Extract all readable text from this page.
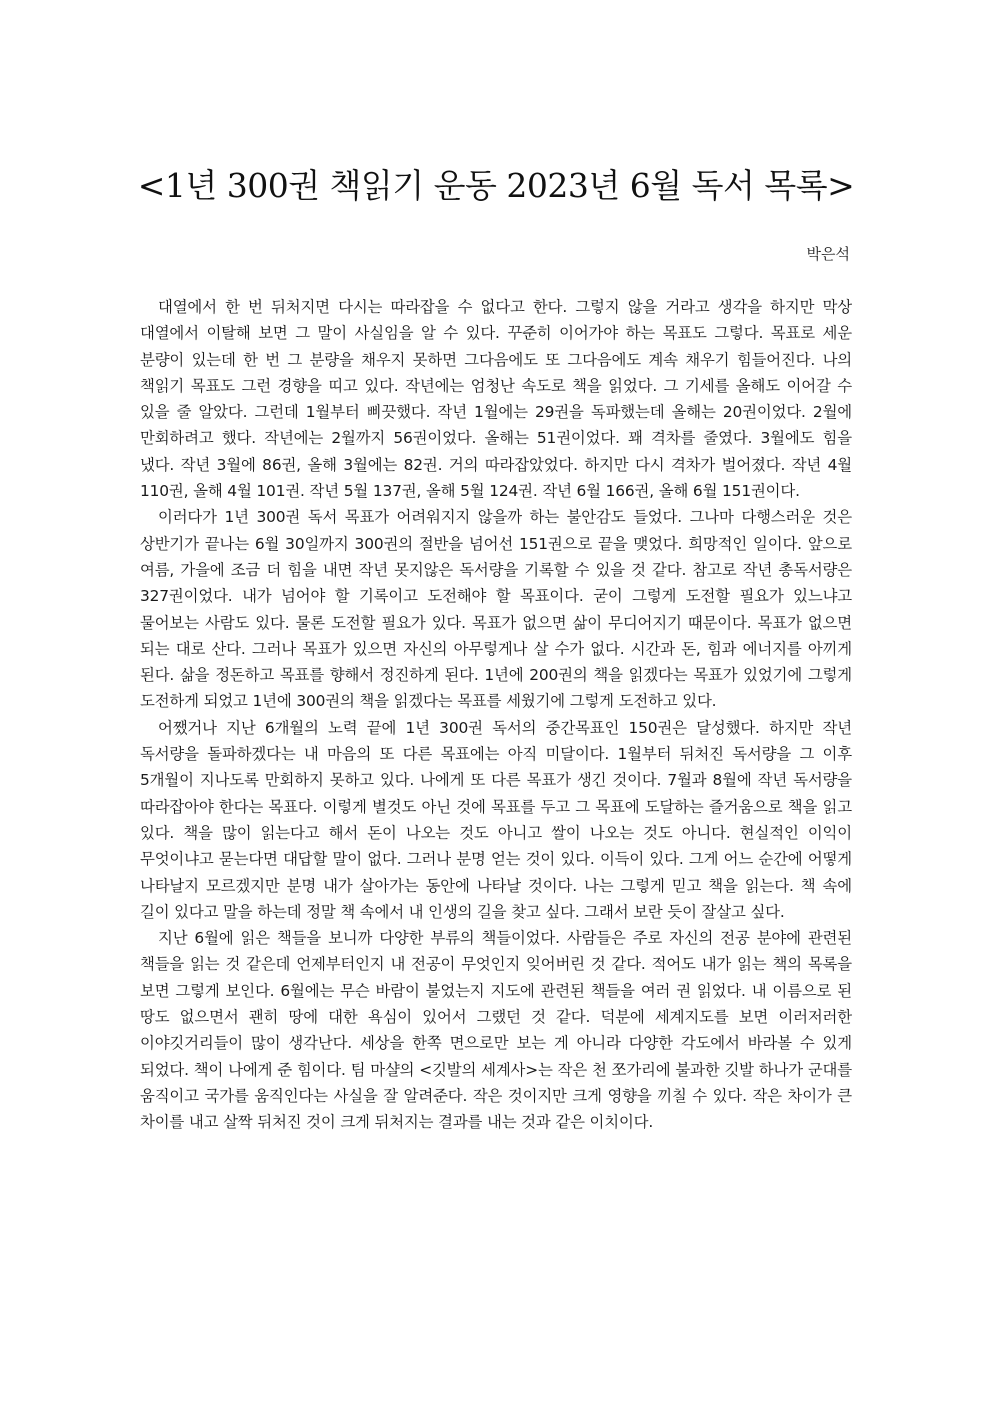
<1년 300권 책읽기 운동 2023년 6월 독서 목록>
박은석

대열에서 한 번 뒤처지면 다시는 따라잡을 수 없다고 한다. 그렇지 않을 거라고 생각을 하지만 막상 대열에서 이탈해 보면 그 말이 사실임을 알 수 있다. 꾸준히 이어가야 하는 목표도 그렇다. 목표로 세운 분량이 있는데 한 번 그 분량을 채우지 못하면 그다음에도 또 그다음에도 계속 채우기 힘들어진다. 나의 책읽기 목표도 그런 경향을 띠고 있다. 작년에는 엄청난 속도로 책을 읽었다. 그 기세를 올해도 이어갈 수 있을 줄 알았다. 그런데 1월부터 삐끗했다. 작년 1월에는 29권을 독파했는데 올해는 20권이었다. 2월에 만회하려고 했다. 작년에는 2월까지 56권이었다. 올해는 51권이었다. 꽤 격차를 줄였다. 3월에도 힘을 냈다. 작년 3월에 86권, 올해 3월에는 82권. 거의 따라잡았었다. 하지만 다시 격차가 벌어졌다. 작년 4월 110권, 올해 4월 101권. 작년 5월 137권, 올해 5월 124권. 작년 6월 166권, 올해 6월 151권이다.

이러다가 1년 300권 독서 목표가 어려워지지 않을까 하는 불안감도 들었다. 그나마 다행스러운 것은 상반기가 끝나는 6월 30일까지 300권의 절반을 넘어선 151권으로 끝을 맺었다. 희망적인 일이다. 앞으로 여름, 가을에 조금 더 힘을 내면 작년 못지않은 독서량을 기록할 수 있을 것 같다. 참고로 작년 총독서량은 327권이었다. 내가 넘어야 할 기록이고 도전해야 할 목표이다. 굳이 그렇게 도전할 필요가 있느냐고 물어보는 사람도 있다. 물론 도전할 필요가 있다. 목표가 없으면 삶이 무디어지기 때문이다. 목표가 없으면 되는 대로 산다. 그러나 목표가 있으면 자신의 아무렇게나 살 수가 없다. 시간과 돈, 힘과 에너지를 아끼게 된다. 삶을 정돈하고 목표를 향해서 정진하게 된다. 1년에 200권의 책을 읽겠다는 목표가 있었기에 그렇게 도전하게 되었고 1년에 300권의 책을 읽겠다는 목표를 세웠기에 그렇게 도전하고 있다.

어쨌거나 지난 6개월의 노력 끝에 1년 300권 독서의 중간목표인 150권은 달성했다. 하지만 작년 독서량을 돌파하겠다는 내 마음의 또 다른 목표에는 아직 미달이다. 1월부터 뒤처진 독서량을 그 이후 5개월이 지나도록 만회하지 못하고 있다. 나에게 또 다른 목표가 생긴 것이다. 7월과 8월에 작년 독서량을 따라잡아야 한다는 목표다. 이렇게 별것도 아닌 것에 목표를 두고 그 목표에 도달하는 즐거움으로 책을 읽고 있다. 책을 많이 읽는다고 해서 돈이 나오는 것도 아니고 쌀이 나오는 것도 아니다. 현실적인 이익이 무엇이냐고 묻는다면 대답할 말이 없다. 그러나 분명 얻는 것이 있다. 이득이 있다. 그게 어느 순간에 어떻게 나타날지 모르겠지만 분명 내가 살아가는 동안에 나타날 것이다. 나는 그렇게 믿고 책을 읽는다. 책 속에 길이 있다고 말을 하는데 정말 책 속에서 내 인생의 길을 찾고 싶다. 그래서 보란 듯이 잘살고 싶다.

지난 6월에 읽은 책들을 보니까 다양한 부류의 책들이었다. 사람들은 주로 자신의 전공 분야에 관련된 책들을 읽는 것 같은데 언제부터인지 내 전공이 무엇인지 잊어버린 것 같다. 적어도 내가 읽는 책의 목록을 보면 그렇게 보인다. 6월에는 무슨 바람이 불었는지 지도에 관련된 책들을 여러 권 읽었다. 내 이름으로 된 땅도 없으면서 괜히 땅에 대한 욕심이 있어서 그랬던 것 같다. 덕분에 세계지도를 보면 이러저러한 이야깃거리들이 많이 생각난다. 세상을 한쪽 면으로만 보는 게 아니라 다양한 각도에서 바라볼 수 있게 되었다. 책이 나에게 준 힘이다. 팀 마샬의 <깃발의 세계사>는 작은 천 쪼가리에 불과한 깃발 하나가 군대를 움직이고 국가를 움직인다는 사실을 잘 알려준다. 작은 것이지만 크게 영향을 끼칠 수 있다. 작은 차이가 큰 차이를 내고 살짝 뒤처진 것이 크게 뒤처지는 결과를 내는 것과 같은 이치이다.
